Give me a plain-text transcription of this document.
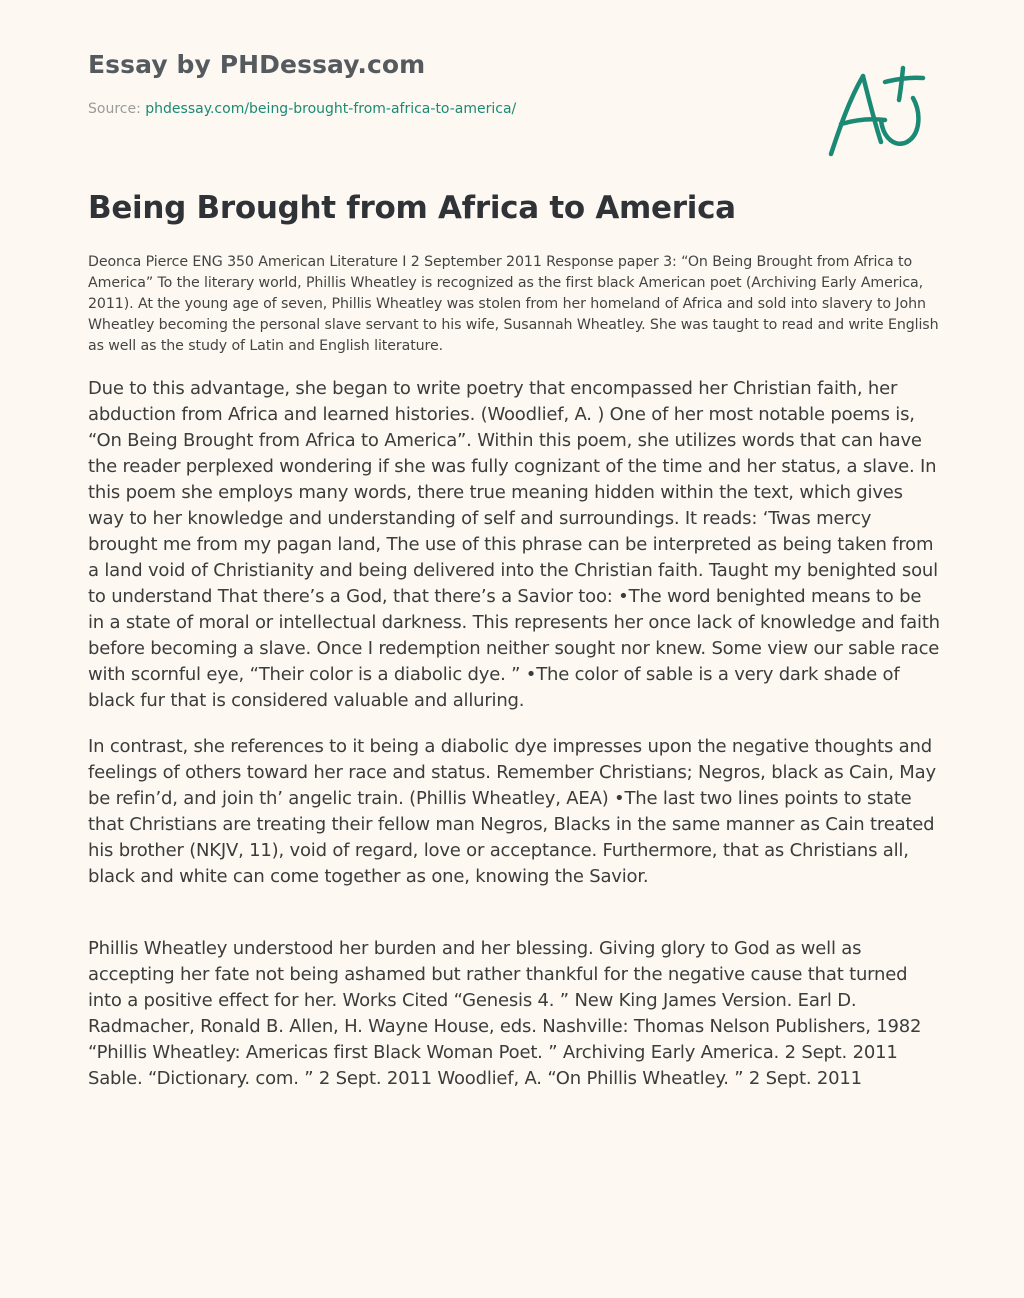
Essay by PHDessay.com
Source: phdessay.com/being-brought-from-africa-to-america/
Being Brought from Africa to America

Deonca Pierce ENG 350 American Literature I 2 September 2011 Response paper 3: “On Being Brought from Africa to America” To the literary world, Phillis Wheatley is recognized as the first black American poet (Archiving Early America, 2011). At the young age of seven, Phillis Wheatley was stolen from her homeland of Africa and sold into slavery to John Wheatley becoming the personal slave servant to his wife, Susannah Wheatley. She was taught to read and write English as well as the study of Latin and English literature.

Due to this advantage, she began to write poetry that encompassed her Christian faith, her abduction from Africa and learned histories. (Woodlief, A. ) One of her most notable poems is, “On Being Brought from Africa to America”. Within this poem, she utilizes words that can have the reader perplexed wondering if she was fully cognizant of the time and her status, a slave. In this poem she employs many words, there true meaning hidden within the text, which gives way to her knowledge and understanding of self and surroundings. It reads: ‘Twas mercy brought me from my pagan land, The use of this phrase can be interpreted as being taken from a land void of Christianity and being delivered into the Christian faith. Taught my benighted soul to understand That there’s a God, that there’s a Savior too: •The word benighted means to be in a state of moral or intellectual darkness. This represents her once lack of knowledge and faith before becoming a slave. Once I redemption neither sought nor knew. Some view our sable race with scornful eye, “Their color is a diabolic dye. ” •The color of sable is a very dark shade of black fur that is considered valuable and alluring.

In contrast, she references to it being a diabolic dye impresses upon the negative thoughts and feelings of others toward her race and status. Remember Christians; Negros, black as Cain, May be refin’d, and join th’ angelic train. (Phillis Wheatley, AEA) •The last two lines points to state that Christians are treating their fellow man Negros, Blacks in the same manner as Cain treated his brother (NKJV, 11), void of regard, love or acceptance. Furthermore, that as Christians all, black and white can come together as one, knowing the Savior.

Phillis Wheatley understood her burden and her blessing. Giving glory to God as well as accepting her fate not being ashamed but rather thankful for the negative cause that turned into a positive effect for her. Works Cited “Genesis 4. ” New King James Version. Earl D. Radmacher, Ronald B. Allen, H. Wayne House, eds. Nashville: Thomas Nelson Publishers, 1982 “Phillis Wheatley: Americas first Black Woman Poet. ” Archiving Early America. 2 Sept. 2011 Sable. “Dictionary. com. ” 2 Sept. 2011 Woodlief, A. “On Phillis Wheatley. ” 2 Sept. 2011
